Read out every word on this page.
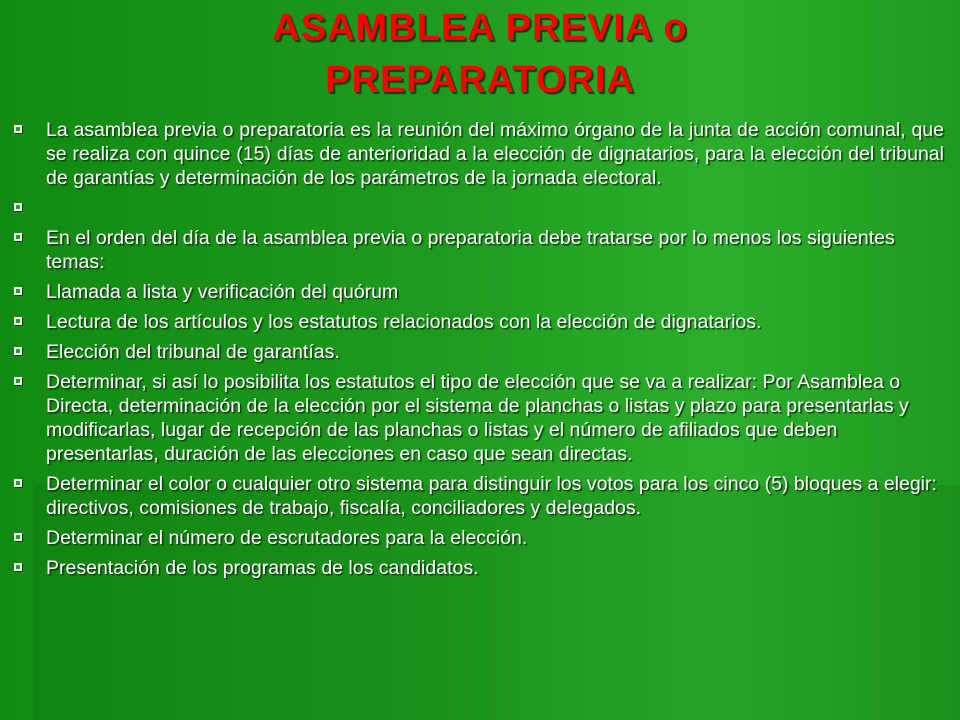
ASAMBLEA PREVIA o
PREPARATORIA
La asamblea previa o preparatoria es la reunión del máximo órgano de la junta de acción comunal, que se realiza con quince (15) días de anterioridad a la elección de dignatarios, para la elección del tribunal de garantías y determinación de los parámetros de la jornada electoral.
En el orden del día de la asamblea previa o preparatoria debe tratarse por lo menos los siguientes temas:
Llamada a lista y verificación del quórum
Lectura de los artículos y los estatutos relacionados con la elección de dignatarios.
Elección del tribunal de garantías.
Determinar, si así lo posibilita los estatutos el tipo de elección que se va a realizar: Por Asamblea o Directa, determinación de la elección por el sistema de planchas o listas y plazo para presentarlas y modificarlas, lugar de recepción de las planchas o listas y el número de afiliados que deben presentarlas, duración de las elecciones en caso que sean directas.
Determinar el color o cualquier otro sistema para distinguir los votos para los cinco (5) bloques a elegir: directivos, comisiones de trabajo, fiscalía, conciliadores y delegados.
Determinar el número de escrutadores para la elección.
Presentación de los programas de los candidatos.
